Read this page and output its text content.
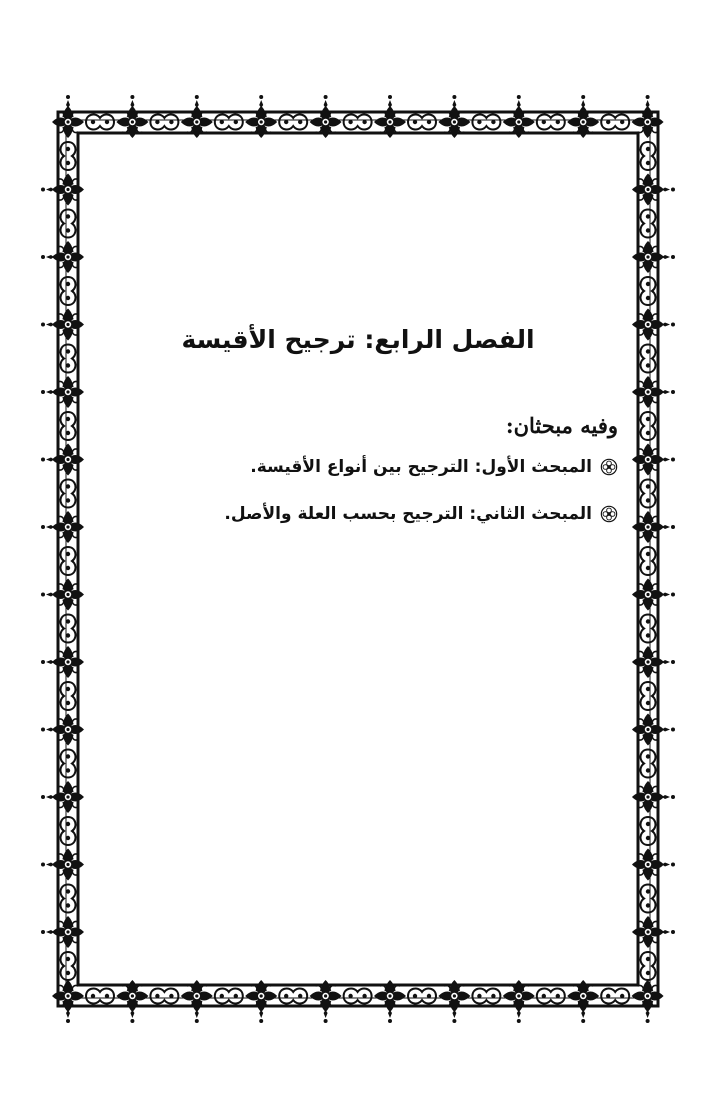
الفصل الرابع: ترجيح الأقيسة

وفيه مبحثان:

المبحث الأول: الترجيح بين أنواع الأقيسة.
المبحث الثاني: الترجيح بحسب العلة والأصل.
